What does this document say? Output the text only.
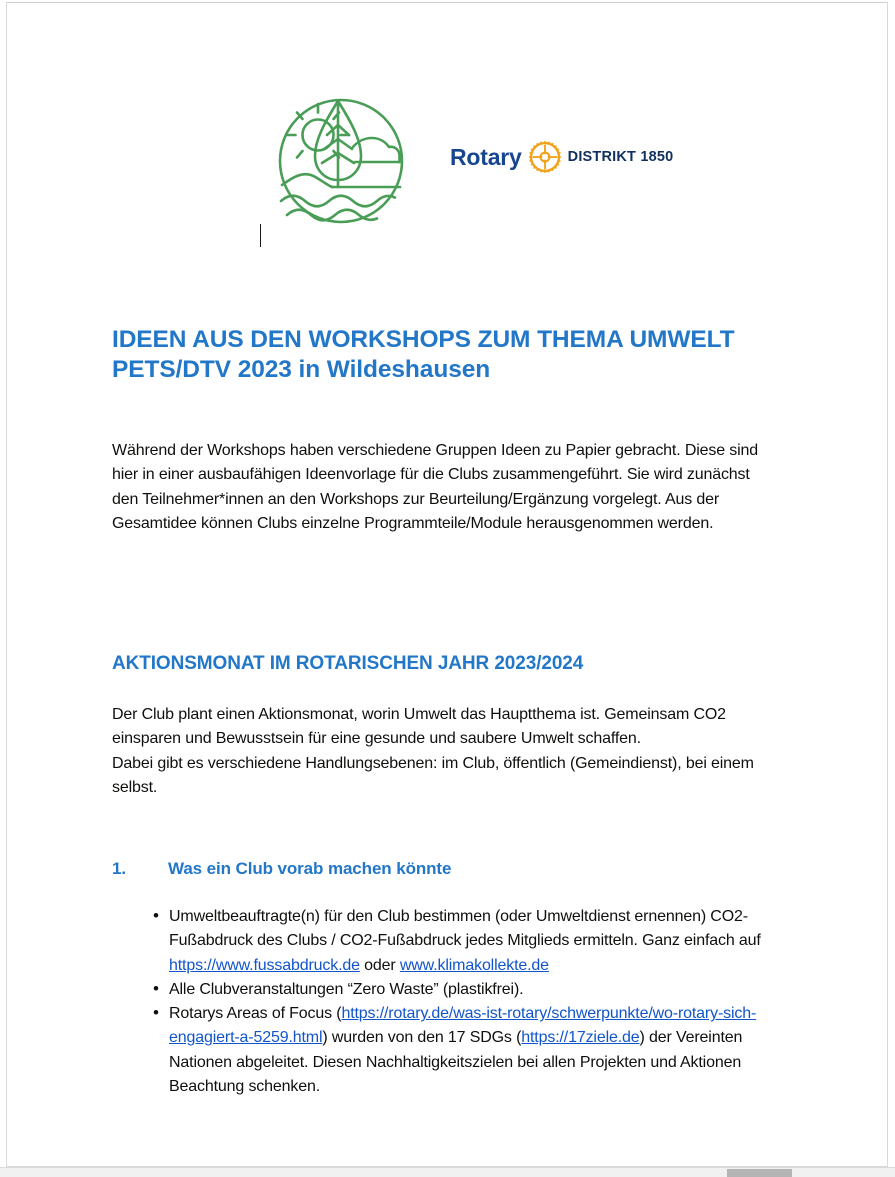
Rotary	DISTRIKT 1850
IDEEN AUS DEN WORKSHOPS ZUM THEMA UMWELT
PETS/DTV 2023 in Wildeshausen

Während der Workshops haben verschiedene Gruppen Ideen zu Papier gebracht. Diese sind hier in einer ausbaufähigen Ideenvorlage für die Clubs zusammengeführt. Sie wird zunächst den Teilnehmer*innen an den Workshops zur Beurteilung/Ergänzung vorgelegt. Aus der Gesamtidee können Clubs einzelne Programmteile/Module herausgenommen werden.

AKTIONSMONAT IM ROTARISCHEN JAHR 2023/2024

Der Club plant einen Aktionsmonat, worin Umwelt das Hauptthema ist. Gemeinsam CO2 einsparen und Bewusstsein für eine gesunde und saubere Umwelt schaffen.
Dabei gibt es verschiedene Handlungsebenen: im Club, öffentlich (Gemeindienst), bei einem selbst.

1. Was ein Club vorab machen könnte
• Umweltbeauftragte(n) für den Club bestimmen (oder Umweltdienst ernennen) CO2-Fußabdruck des Clubs / CO2-Fußabdruck jedes Mitglieds ermitteln. Ganz einfach auf https://www.fussabdruck.de oder www.klimakollekte.de
• Alle Clubveranstaltungen “Zero Waste” (plastikfrei).
• Rotarys Areas of Focus (https://rotary.de/was-ist-rotary/schwerpunkte/wo-rotary-sich-engagiert-a-5259.html) wurden von den 17 SDGs (https://17ziele.de) der Vereinten Nationen abgeleitet. Diesen Nachhaltigkeitszielen bei allen Projekten und Aktionen Beachtung schenken.
